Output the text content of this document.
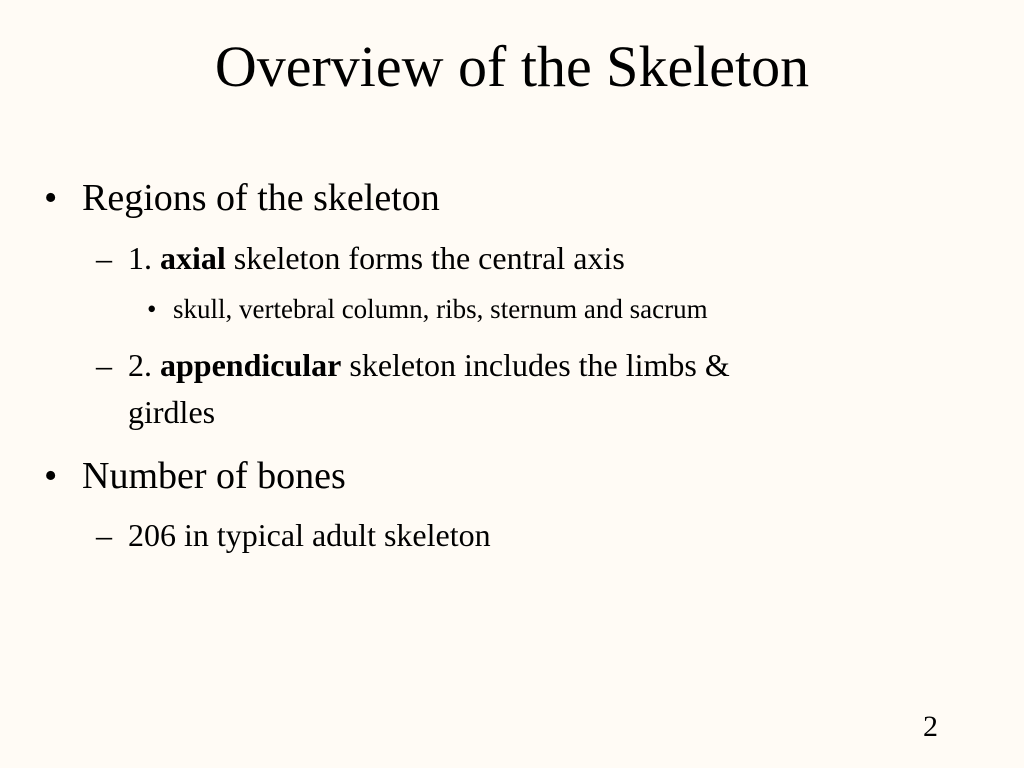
Overview of the Skeleton
• Regions of the skeleton
– 1. axial skeleton forms the central axis
• skull, vertebral column, ribs, sternum and sacrum
– 2. appendicular skeleton includes the limbs &
girdles
• Number of bones
– 206 in typical adult skeleton
2
